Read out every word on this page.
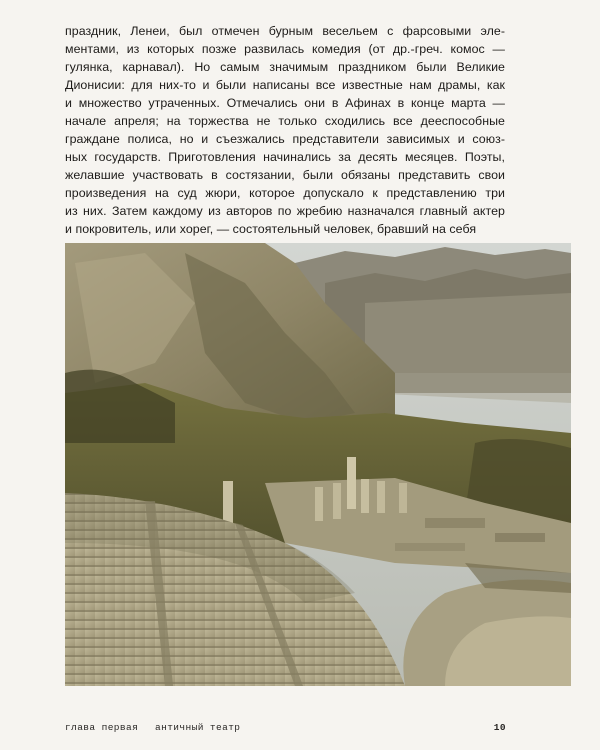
праздник, Ленеи, был отмечен бурным весельем с фарсовыми эле-
ментами, из которых позже развилась комедия (от др.-греч. комос —
гулянка, карнавал). Но самым значимым праздником были Великие
Дионисии: для них-то и были написаны все известные нам драмы, как
и множество утраченных. Отмечались они в Афинах в конце марта —
начале апреля; на торжества не только сходились все дееспособные
граждане полиса, но и съезжались представители зависимых и союз-
ных государств. Приготовления начинались за десять месяцев. Поэты,
желавшие участвовать в состязании, были обязаны представить свои
произведения на суд жюри, которое допускало к представлению три
из них. Затем каждому из авторов по жребию назначался главный актер
и покровитель, или хорег, — состоятельный человек, бравший на себя
глава первая античный театр	10
